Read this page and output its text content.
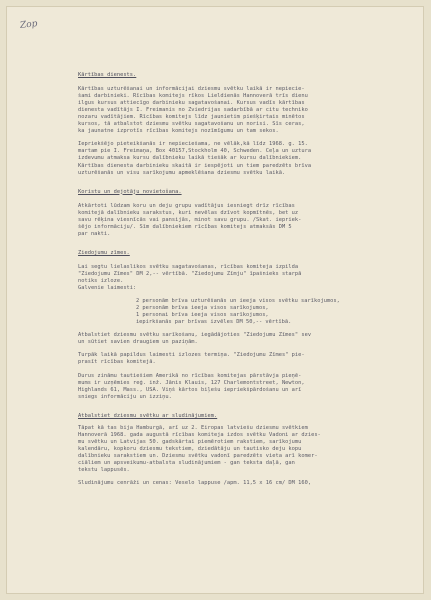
Zop
Kārtības dienests.
Kārtības uzturēšanai un informācijai dziesmu svētku laikā ir nepiecie-
šami darbinieki. Rīcības komitejs rīkos Lieldienās Hannoverā trīs dienu
ilgus kursus attiecīgo darbinieku sagatavošanai. Kursus vadīs kārtības
dienesta vadītājs I. Freimanis no Zviedrijas sadarbībā ar citu techniko
nozaru vadītājiem. Rīcības komitejs līdz jaunietim piešķirtais minētos
kursos, tā atbalstot dziesmu svētku sagatavošanu un norisi. Šīs ceras,
ka jaunatne izprotīs rīcības komitejs nozīmīgumu un tam sekos.
Iepriekšējo pieteikšanās ir nepieciešama, ne vēlāk,kā līdz 1968. g. 15.
martam pie I. Freimaņa, Box 40157,Stockholm 40, Schweden. Ceļa un uztura
izdevumu atmaksa kursu dalībnieku laikā tiešāk ar kursu dalībniekiem.
Kārtības dienesta darbinieku skaitā ir iespējoti un tiem paredzēts brīva
uzturēšanās un visu sarīkojumu apmeklēšana dziesmu svētku laikā.
Koristu un dejotāju novietošana.
Atkārtoti lūdzam koru un deju grupu vadītājus iesniegt drīz rīcības
komitejā dalībnieku sarakstus, kuri nevēlas dzīvot kopmītnēs, bet uz
savu rēķina viesnīcās vai pansijās, minot savu grupu. /Skat. iepriek-
šējo informāciju/. Šīm dalībniekiem rīcības komitejs atmaksās DM 5
par nakti.
Ziedojumu zīmes.
Lai segtu lielaslikos svētku sagatavošanas, rīcības komiteja izpilda
"Ziedojumu Zīmes" DM 2,-- vērtībā. "Ziedojumu Zīmju" īpašnieks starpā
notiks izloze.
Galvenie laimesti:
2 personām brīva uzturēšanās un ieeja visos svētku sarīkojumos,
2 personām brīva ieeja visos sarīkojumos,
1 personai brīva ieeja visos sarīkojumos,
iepirkšanās par brīvas izvēles DM 50,-- vērtībā.
Atbalstiet dziesmu svētku sarīkošanu, iegādājoties "Ziedojumu Zīmes" sev
un sūtiet savien draugiem un paziņām.
Turpāk laikā papildus laimesti izlozes termiņa. "Ziedojumu Zīmes" pie-
prasīt rīcības komitejā.
Durus zināmu tautiešiem Amerikā no rīcības komitejas pārstāvja pieņē-
mums ir uzņēmies reģ. inž. Jānis Klauis, 127 Charlemontstreet, Newton,
Highlands 61, Mass., USA. Viņš kārtos biļešu iepriekšpārdošanu un arī
sniegs informāciju un izziņu.
Atbalstiet dziesmu svētku ar sludinājumiem.
Tāpat kā tas bija Hamburgā, arī uz 2. Eiropas latviešu dziesmu svētkiem
Hannoverā 1968. gada augustā rīcības komiteja izdos svētku Vadoni ar dzies-
mu svētku un Latvijas 50. gadskārtai piemērotiem rakstiem, sarīkojumu
kalendāru, kopkoru dziesmu tekstiem, dziedātāju un tautisko deju kopu
dalībnieku sarakstiem un. Dziesmu svētku vadonī paredzēts vieta arī komer-
ciāliem un apsveikumu-atbalsta sludinājumiem - gan teksta daļā, gan
tekstu lappusēs.
Sludinājumu cenrāži un cenas: Veselo lappuse /apm. 11,5 x 16 cm/ DM 160,
